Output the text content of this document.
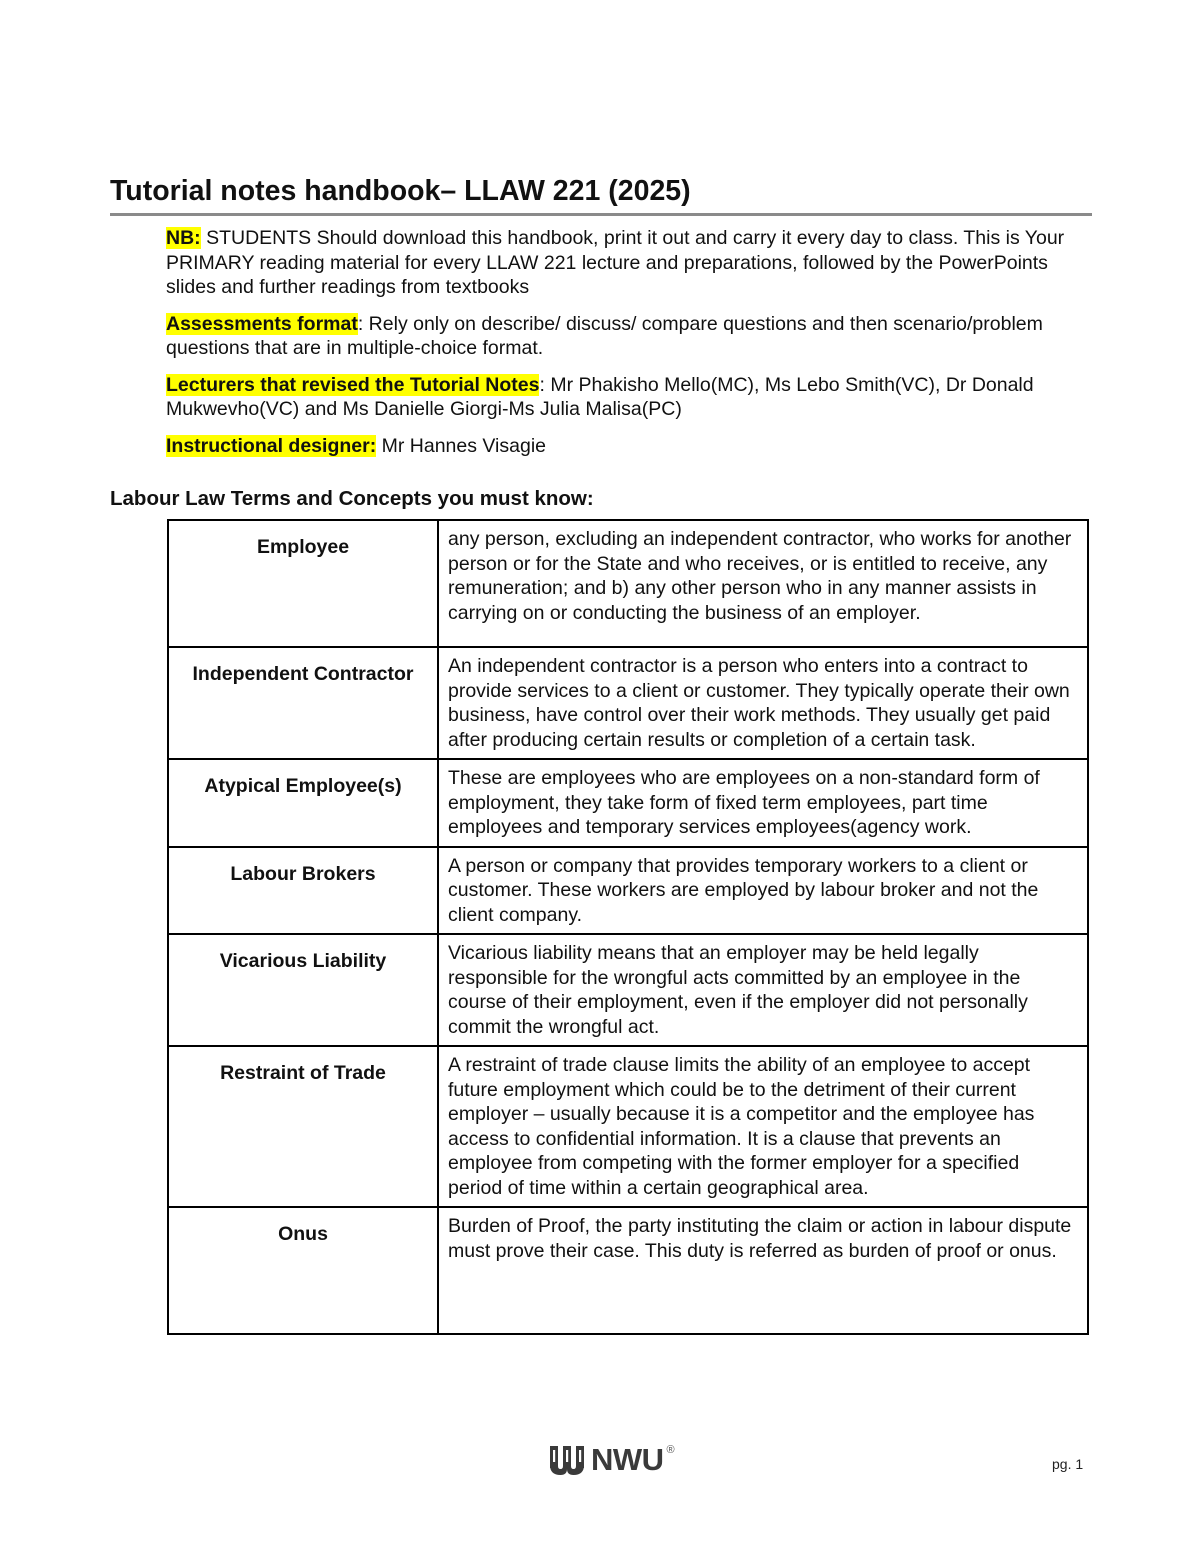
Tutorial notes handbook– LLAW 221 (2025)

NB: STUDENTS Should download this handbook, print it out and carry it every day to class. This is Your PRIMARY reading material for every LLAW 221 lecture and preparations, followed by the PowerPoints slides and further readings from textbooks

Assessments format: Rely only on describe/ discuss/ compare questions and then scenario/problem questions that are in multiple-choice format.

Lecturers that revised the Tutorial Notes: Mr Phakisho Mello(MC), Ms Lebo Smith(VC), Dr Donald Mukwevho(VC) and Ms Danielle Giorgi-Ms Julia Malisa(PC)

Instructional designer: Mr Hannes Visagie

Labour Law Terms and Concepts you must know:
Employee	any person, excluding an independent contractor, who works for another person or for the State and who receives, or is entitled to receive, any remuneration; and b) any other person who in any manner assists in carrying on or conducting the business of an employer.
Independent Contractor	An independent contractor is a person who enters into a contract to provide services to a client or customer. They typically operate their own business, have control over their work methods. They usually get paid after producing certain results or completion of a certain task.
Atypical Employee(s)	These are employees who are employees on a non-standard form of employment, they take form of fixed term employees, part time employees and temporary services employees(agency work.
Labour Brokers	A person or company that provides temporary workers to a client or customer. These workers are employed by labour broker and not the client company.
Vicarious Liability	Vicarious liability means that an employer may be held legally responsible for the wrongful acts committed by an employee in the course of their employment, even if the employer did not personally commit the wrongful act.
Restraint of Trade	A restraint of trade clause limits the ability of an employee to accept future employment which could be to the detriment of their current employer – usually because it is a competitor and the employee has access to confidential information. It is a clause that prevents an employee from competing with the former employer for a specified period of time within a certain geographical area.
Onus	Burden of Proof, the party instituting the claim or action in labour dispute must prove their case. This duty is referred as burden of proof or onus.
NWU ®
pg. 1
